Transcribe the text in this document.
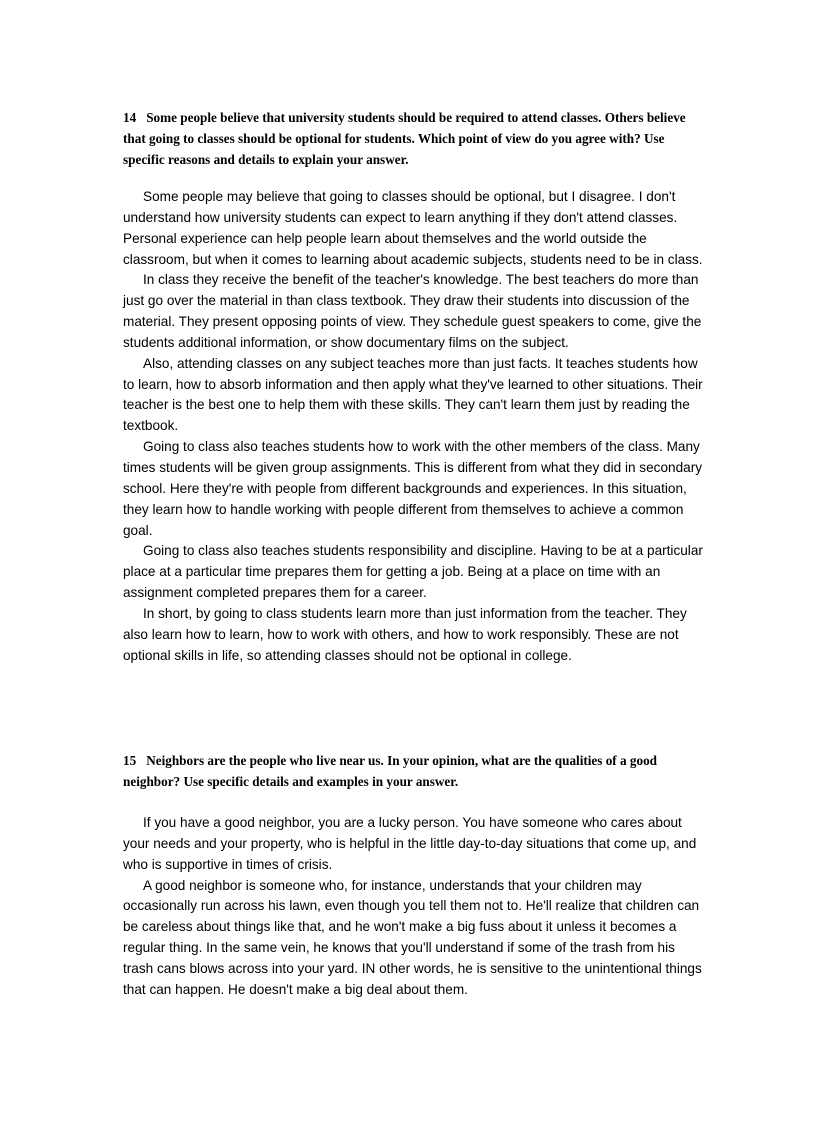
14 Some people believe that university students should be required to attend classes. Others believe that going to classes should be optional for students. Which point of view do you agree with? Use specific reasons and details to explain your answer.

Some people may believe that going to classes should be optional, but I disagree. I don't understand how university students can expect to learn anything if they don't attend classes. Personal experience can help people learn about themselves and the world outside the classroom, but when it comes to learning about academic subjects, students need to be in class.

In class they receive the benefit of the teacher's knowledge. The best teachers do more than just go over the material in than class textbook. They draw their students into discussion of the material. They present opposing points of view. They schedule guest speakers to come, give the students additional information, or show documentary films on the subject.

Also, attending classes on any subject teaches more than just facts. It teaches students how to learn, how to absorb information and then apply what they've learned to other situations. Their teacher is the best one to help them with these skills. They can't learn them just by reading the textbook.

Going to class also teaches students how to work with the other members of the class. Many times students will be given group assignments. This is different from what they did in secondary school. Here they're with people from different backgrounds and experiences. In this situation, they learn how to handle working with people different from themselves to achieve a common goal.

Going to class also teaches students responsibility and discipline. Having to be at a particular place at a particular time prepares them for getting a job. Being at a place on time with an assignment completed prepares them for a career.

In short, by going to class students learn more than just information from the teacher. They also learn how to learn, how to work with others, and how to work responsibly. These are not optional skills in life, so attending classes should not be optional in college.

15 Neighbors are the people who live near us. In your opinion, what are the qualities of a good neighbor? Use specific details and examples in your answer.

If you have a good neighbor, you are a lucky person. You have someone who cares about your needs and your property, who is helpful in the little day-to-day situations that come up, and who is supportive in times of crisis.

A good neighbor is someone who, for instance, understands that your children may occasionally run across his lawn, even though you tell them not to. He'll realize that children can be careless about things like that, and he won't make a big fuss about it unless it becomes a regular thing. In the same vein, he knows that you'll understand if some of the trash from his trash cans blows across into your yard. IN other words, he is sensitive to the unintentional things that can happen. He doesn't make a big deal about them.
